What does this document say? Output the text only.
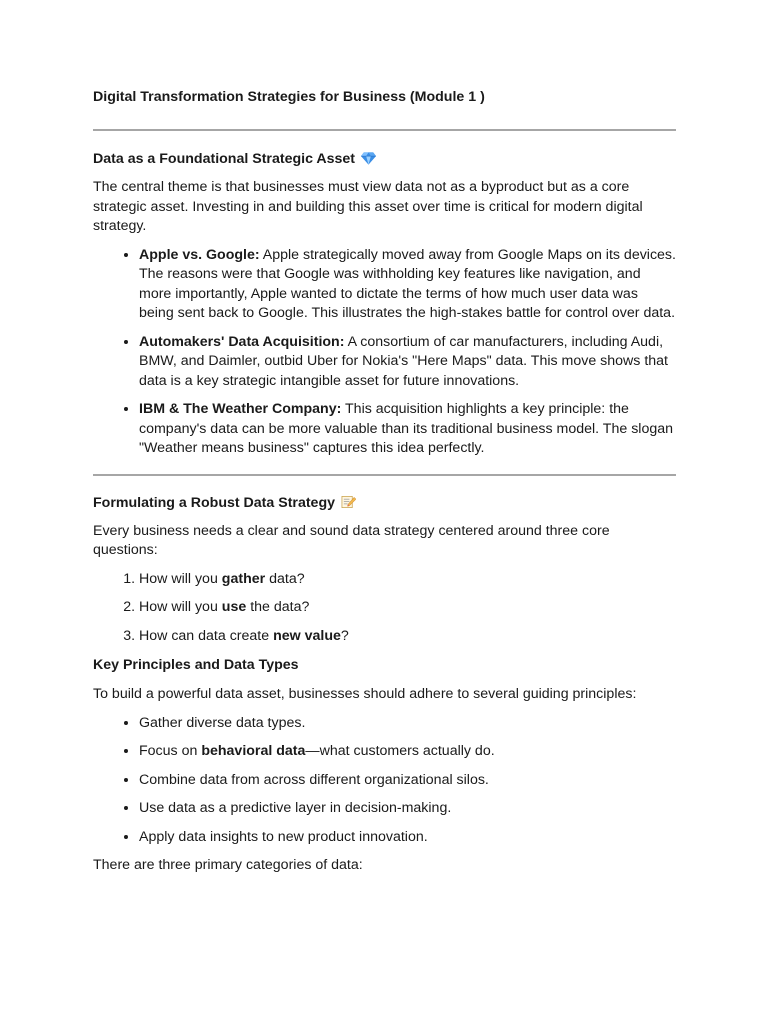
Digital Transformation Strategies for Business (Module 1 )
Data as a Foundational Strategic Asset

The central theme is that businesses must view data not as a byproduct but as a core strategic asset. Investing in and building this asset over time is critical for modern digital strategy.

• Apple vs. Google: Apple strategically moved away from Google Maps on its devices. The reasons were that Google was withholding key features like navigation, and more importantly, Apple wanted to dictate the terms of how much user data was being sent back to Google. This illustrates the high-stakes battle for control over data.
• Automakers' Data Acquisition: A consortium of car manufacturers, including Audi, BMW, and Daimler, outbid Uber for Nokia's "Here Maps" data. This move shows that data is a key strategic intangible asset for future innovations.
• IBM & The Weather Company: This acquisition highlights a key principle: the company's data can be more valuable than its traditional business model. The slogan "Weather means business" captures this idea perfectly.
Formulating a Robust Data Strategy

Every business needs a clear and sound data strategy centered around three core questions:

1. How will you gather data?
2. How will you use the data?
3. How can data create new value?
Key Principles and Data Types

To build a powerful data asset, businesses should adhere to several guiding principles:

• Gather diverse data types.
• Focus on behavioral data—what customers actually do.
• Combine data from across different organizational silos.
• Use data as a predictive layer in decision-making.
• Apply data insights to new product innovation.

There are three primary categories of data:
